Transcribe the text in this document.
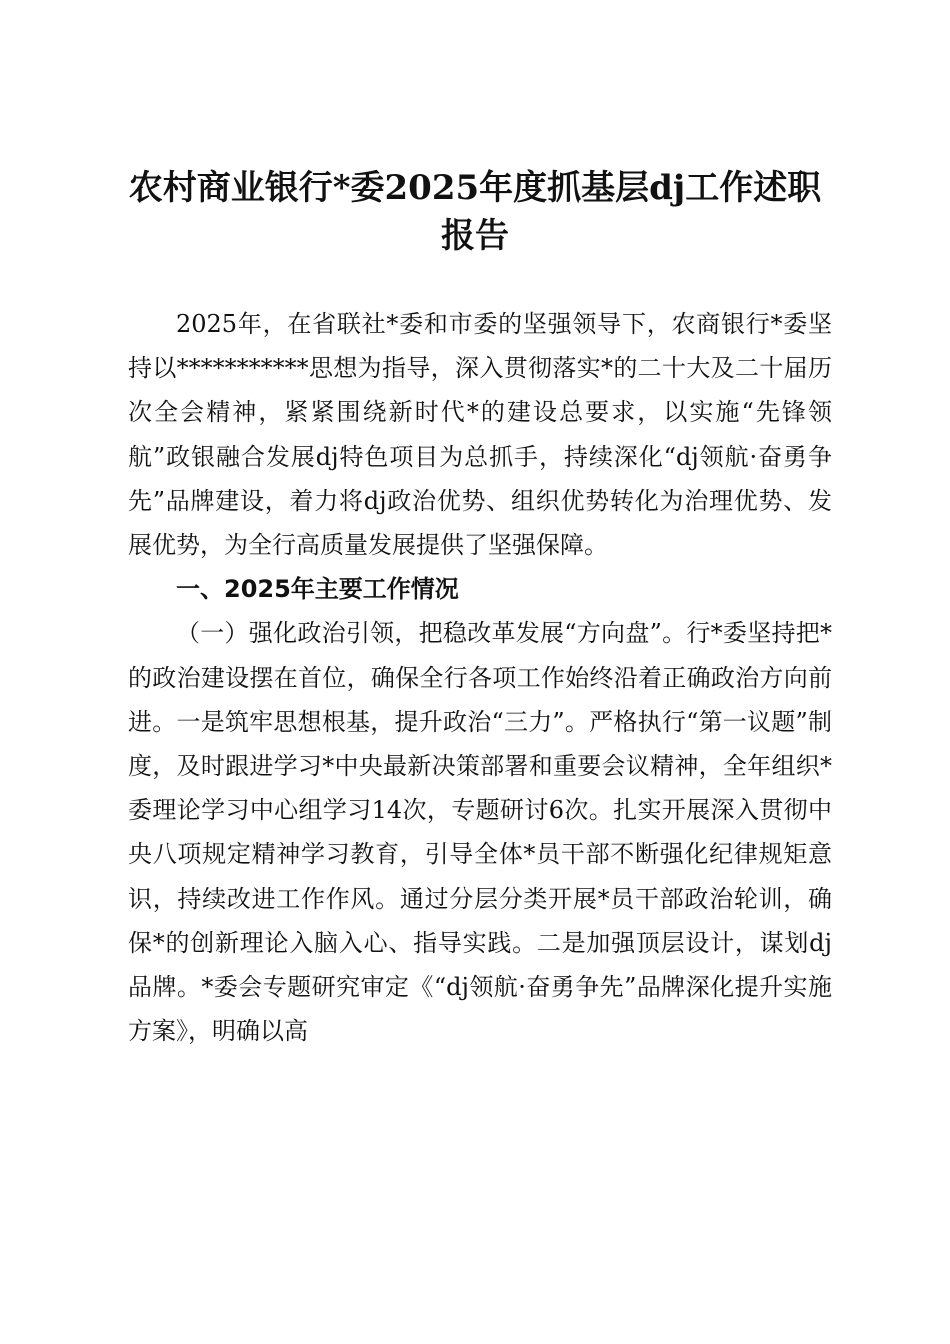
农村商业银行*委2025年度抓基层dj工作述职报告

2025年，在省联社*委和市委的坚强领导下，农商银行*委坚持以***********思想为指导，深入贯彻落实*的二十大及二十届历次全会精神，紧紧围绕新时代*的建设总要求，以实施“先锋领航”政银融合发展dj特色项目为总抓手，持续深化“dj领航·奋勇争先”品牌建设，着力将dj政治优势、组织优势转化为治理优势、发展优势，为全行高质量发展提供了坚强保障。

一、2025年主要工作情况

（一）强化政治引领，把稳改革发展“方向盘”。行*委坚持把*的政治建设摆在首位，确保全行各项工作始终沿着正确政治方向前进。一是筑牢思想根基，提升政治“三力”。严格执行“第一议题”制度，及时跟进学习*中央最新决策部署和重要会议精神，全年组织*委理论学习中心组学习14次，专题研讨6次。扎实开展深入贯彻中央八项规定精神学习教育，引导全体*员干部不断强化纪律规矩意识，持续改进工作作风。通过分层分类开展*员干部政治轮训，确保*的创新理论入脑入心、指导实践。二是加强顶层设计，谋划dj品牌。*委会专题研究审定《“dj领航·奋勇争先”品牌深化提升实施方案》，明确以高
